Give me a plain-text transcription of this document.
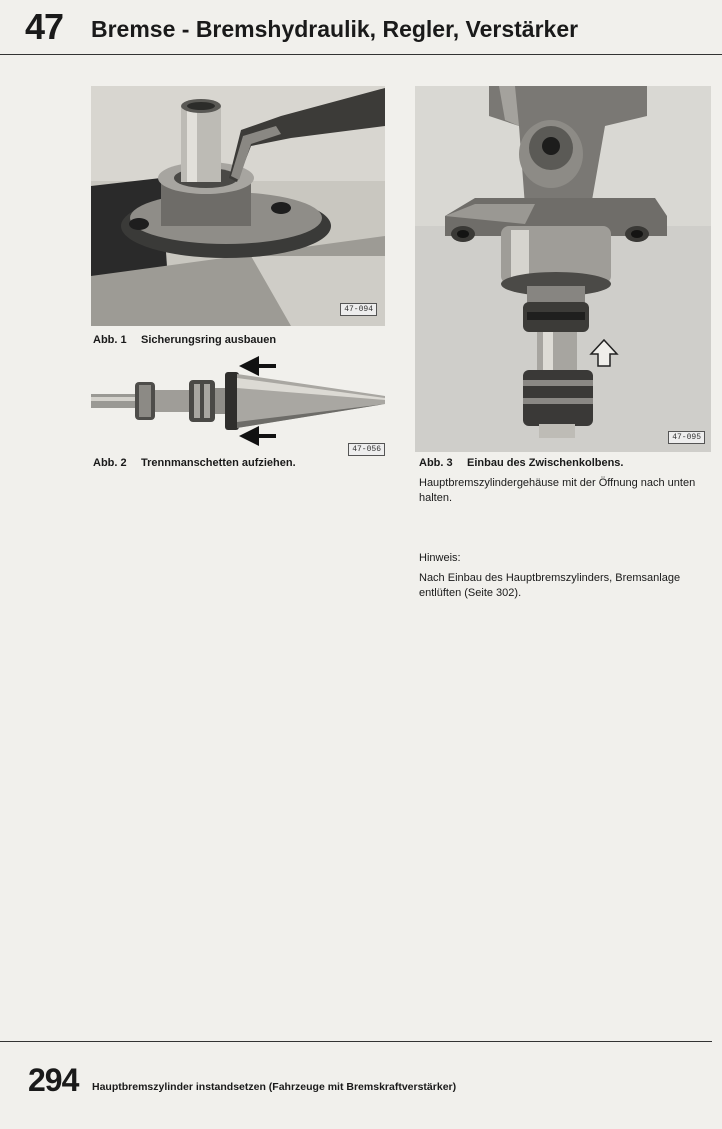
47 Bremse - Bremshydraulik, Regler, Verstärker
47-094
Abb. 1 Sicherungsring ausbauen
47-056
Abb. 2 Trennmanschetten aufziehen.
47-095
Abb. 3 Einbau des Zwischenkolbens.
Hauptbremszylindergehäuse mit der Öffnung nach unten halten.
Hinweis:
Nach Einbau des Hauptbremszylinders, Bremsanlage entlüften (Seite 302).
294 Hauptbremszylinder instandsetzen (Fahrzeuge mit Bremskraftverstärker)
